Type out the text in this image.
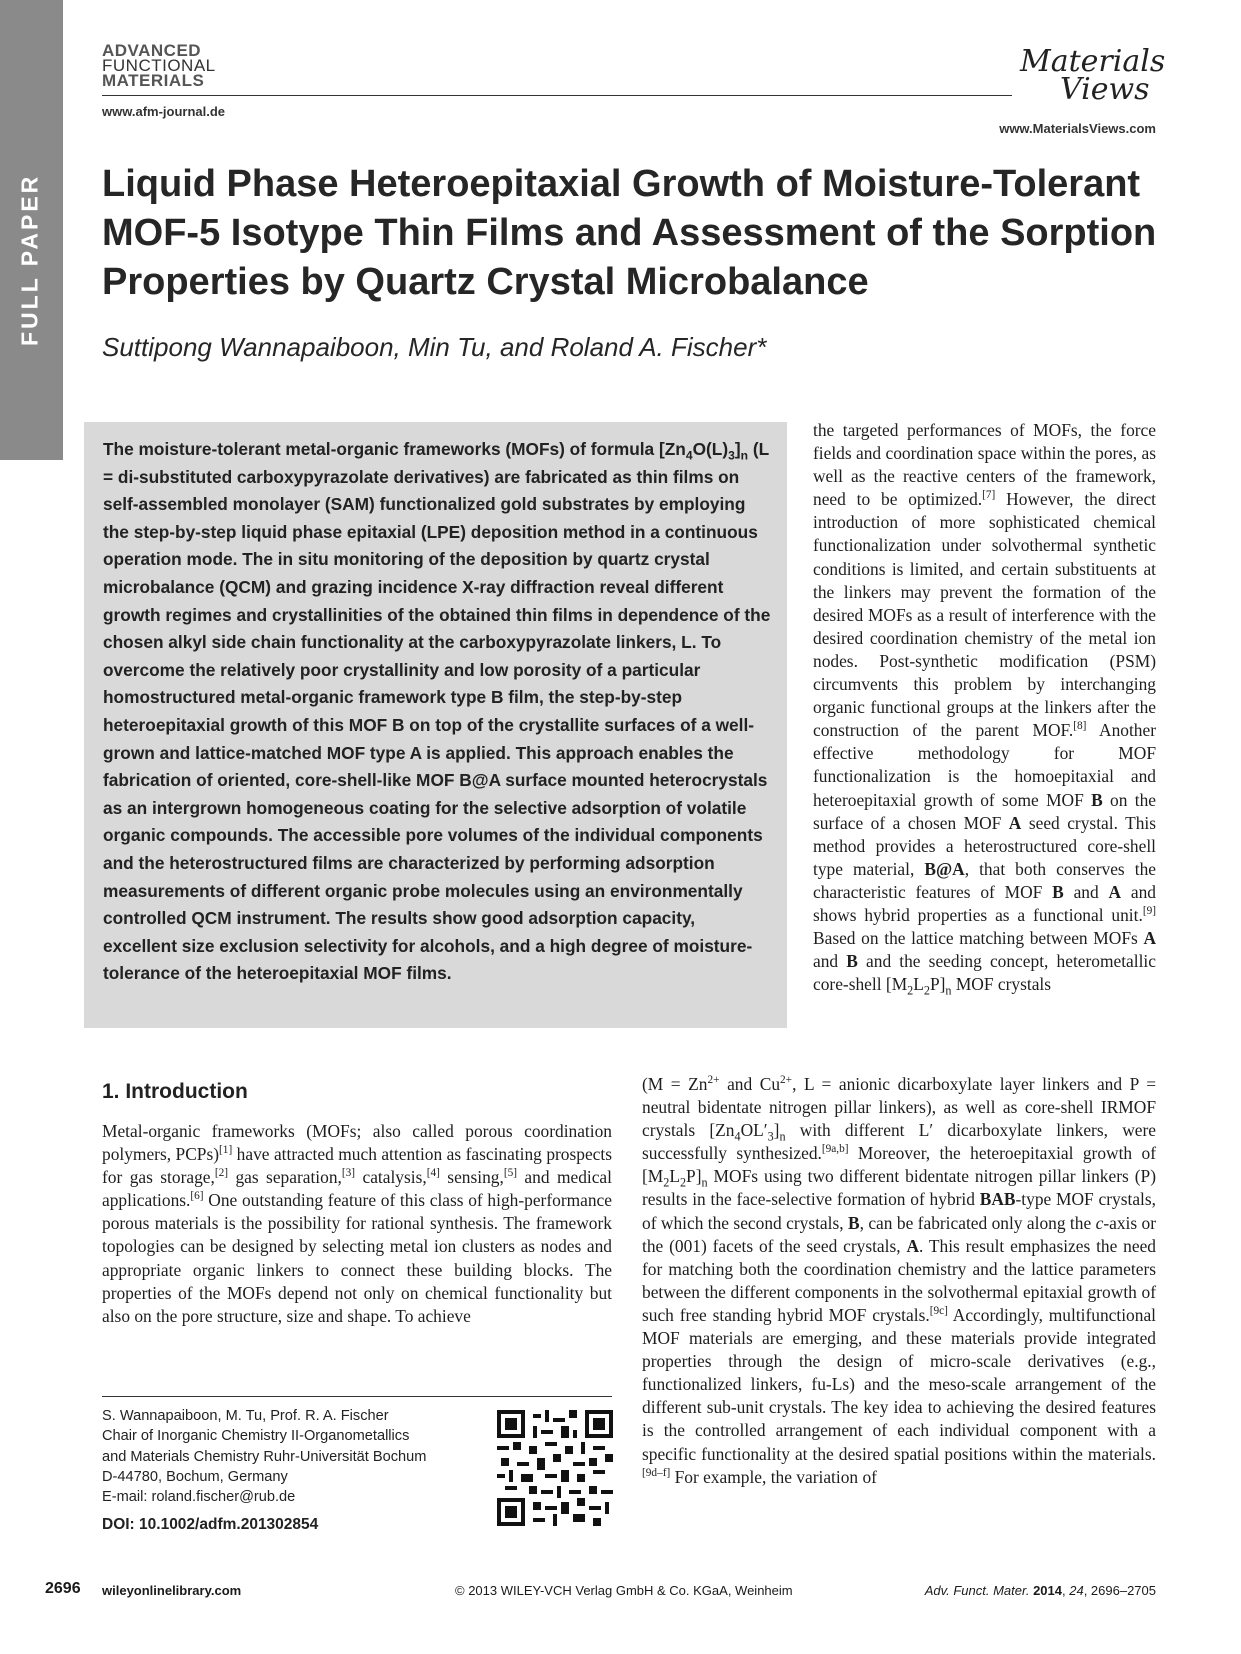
FULL PAPER
ADVANCED
FUNCTIONAL
MATERIALS
www.afm-journal.de
Materials
Views
www.MaterialsViews.com
Liquid Phase Heteroepitaxial Growth of Moisture-Tolerant MOF-5 Isotype Thin Films and Assessment of the Sorption Properties by Quartz Crystal Microbalance
Suttipong Wannapaiboon, Min Tu, and Roland A. Fischer*
The moisture-tolerant metal-organic frameworks (MOFs) of formula $[Zn_4O(L)_3]_n$ (L = di-substituted carboxypyrazolate derivatives) are fabricated as thin films on self-assembled monolayer (SAM) functionalized gold substrates by employing the step-by-step liquid phase epitaxial (LPE) deposition method in a continuous operation mode. The in situ monitoring of the deposition by quartz crystal microbalance (QCM) and grazing incidence X-ray diffraction reveal different growth regimes and crystallinities of the obtained thin films in dependence of the chosen alkyl side chain functionality at the carboxypyrazolate linkers, L. To overcome the relatively poor crystallinity and low porosity of a particular homostructured metal-organic framework type B film, the step-by-step heteroepitaxial growth of this MOF B on top of the crystallite surfaces of a well-grown and lattice-matched MOF type A is applied. This approach enables the fabrication of oriented, core-shell-like MOF B@A surface mounted heterocrystals as an intergrown homogeneous coating for the selective adsorption of volatile organic compounds. The accessible pore volumes of the individual components and the heterostructured films are characterized by performing adsorption measurements of different organic probe molecules using an environmentally controlled QCM instrument. The results show good adsorption capacity, excellent size exclusion selectivity for alcohols, and a high degree of moisture-tolerance of the heteroepitaxial MOF films.
the targeted performances of MOFs, the force fields and coordination space within the pores, as well as the reactive centers of the framework, need to be optimized.[7] However, the direct introduction of more sophisticated chemical functionalization under solvothermal synthetic conditions is limited, and certain substituents at the linkers may prevent the formation of the desired MOFs as a result of interference with the desired coordination chemistry of the metal ion nodes. Post-synthetic modification (PSM) circumvents this problem by interchanging organic functional groups at the linkers after the construction of the parent MOF.[8] Another effective methodology for MOF functionalization is the homoepitaxial and heteroepitaxial growth of some MOF B on the surface of a chosen MOF A seed crystal. This method provides a heterostructured core-shell type material, B@A, that both conserves the characteristic features of MOF B and A and shows hybrid properties as a functional unit.[9] Based on the lattice matching between MOFs A and B and the seeding concept, heterometallic core-shell $[M_2L_2P]_n$ MOF crystals
($M = Zn^{2+}$ and $Cu^{2+}$, L = anionic dicarboxylate layer linkers and P = neutral bidentate nitrogen pillar linkers), as well as core-shell IRMOF crystals $[Zn_4OL'_3]_n$ with different L′ dicarboxylate linkers, were successfully synthesized.[9a,b] Moreover, the heteroepitaxial growth of $[M_2L_2P]_n$ MOFs using two different bidentate nitrogen pillar linkers (P) results in the face-selective formation of hybrid BAB-type MOF crystals, of which the second crystals, B, can be fabricated only along the c-axis or the (001) facets of the seed crystals, A. This result emphasizes the need for matching both the coordination chemistry and the lattice parameters between the different components in the solvothermal epitaxial growth of such free standing hybrid MOF crystals.[9c] Accordingly, multifunctional MOF materials are emerging, and these materials provide integrated properties through the design of micro-scale derivatives (e.g., functionalized linkers, fu-Ls) and the meso-scale arrangement of the different sub-unit crystals. The key idea to achieving the desired features is the controlled arrangement of each individual component with a specific functionality at the desired spatial positions within the materials.[9d–f] For example, the variation of
1. Introduction
Metal-organic frameworks (MOFs; also called porous coordination polymers, PCPs)[1] have attracted much attention as fascinating prospects for gas storage,[2] gas separation,[3] catalysis,[4] sensing,[5] and medical applications.[6] One outstanding feature of this class of high-performance porous materials is the possibility for rational synthesis. The framework topologies can be designed by selecting metal ion clusters as nodes and appropriate organic linkers to connect these building blocks. The properties of the MOFs depend not only on chemical functionality but also on the pore structure, size and shape. To achieve
S. Wannapaiboon, M. Tu, Prof. R. A. Fischer
Chair of Inorganic Chemistry II-Organometallics
and Materials Chemistry Ruhr-Universität Bochum
D-44780, Bochum, Germany
E-mail: roland.fischer@rub.de
DOI: 10.1002/adfm.201302854
2696 wileyonlinelibrary.com	© 2013 WILEY-VCH Verlag GmbH & Co. KGaA, Weinheim	Adv. Funct. Mater. 2014, 24, 2696–2705
